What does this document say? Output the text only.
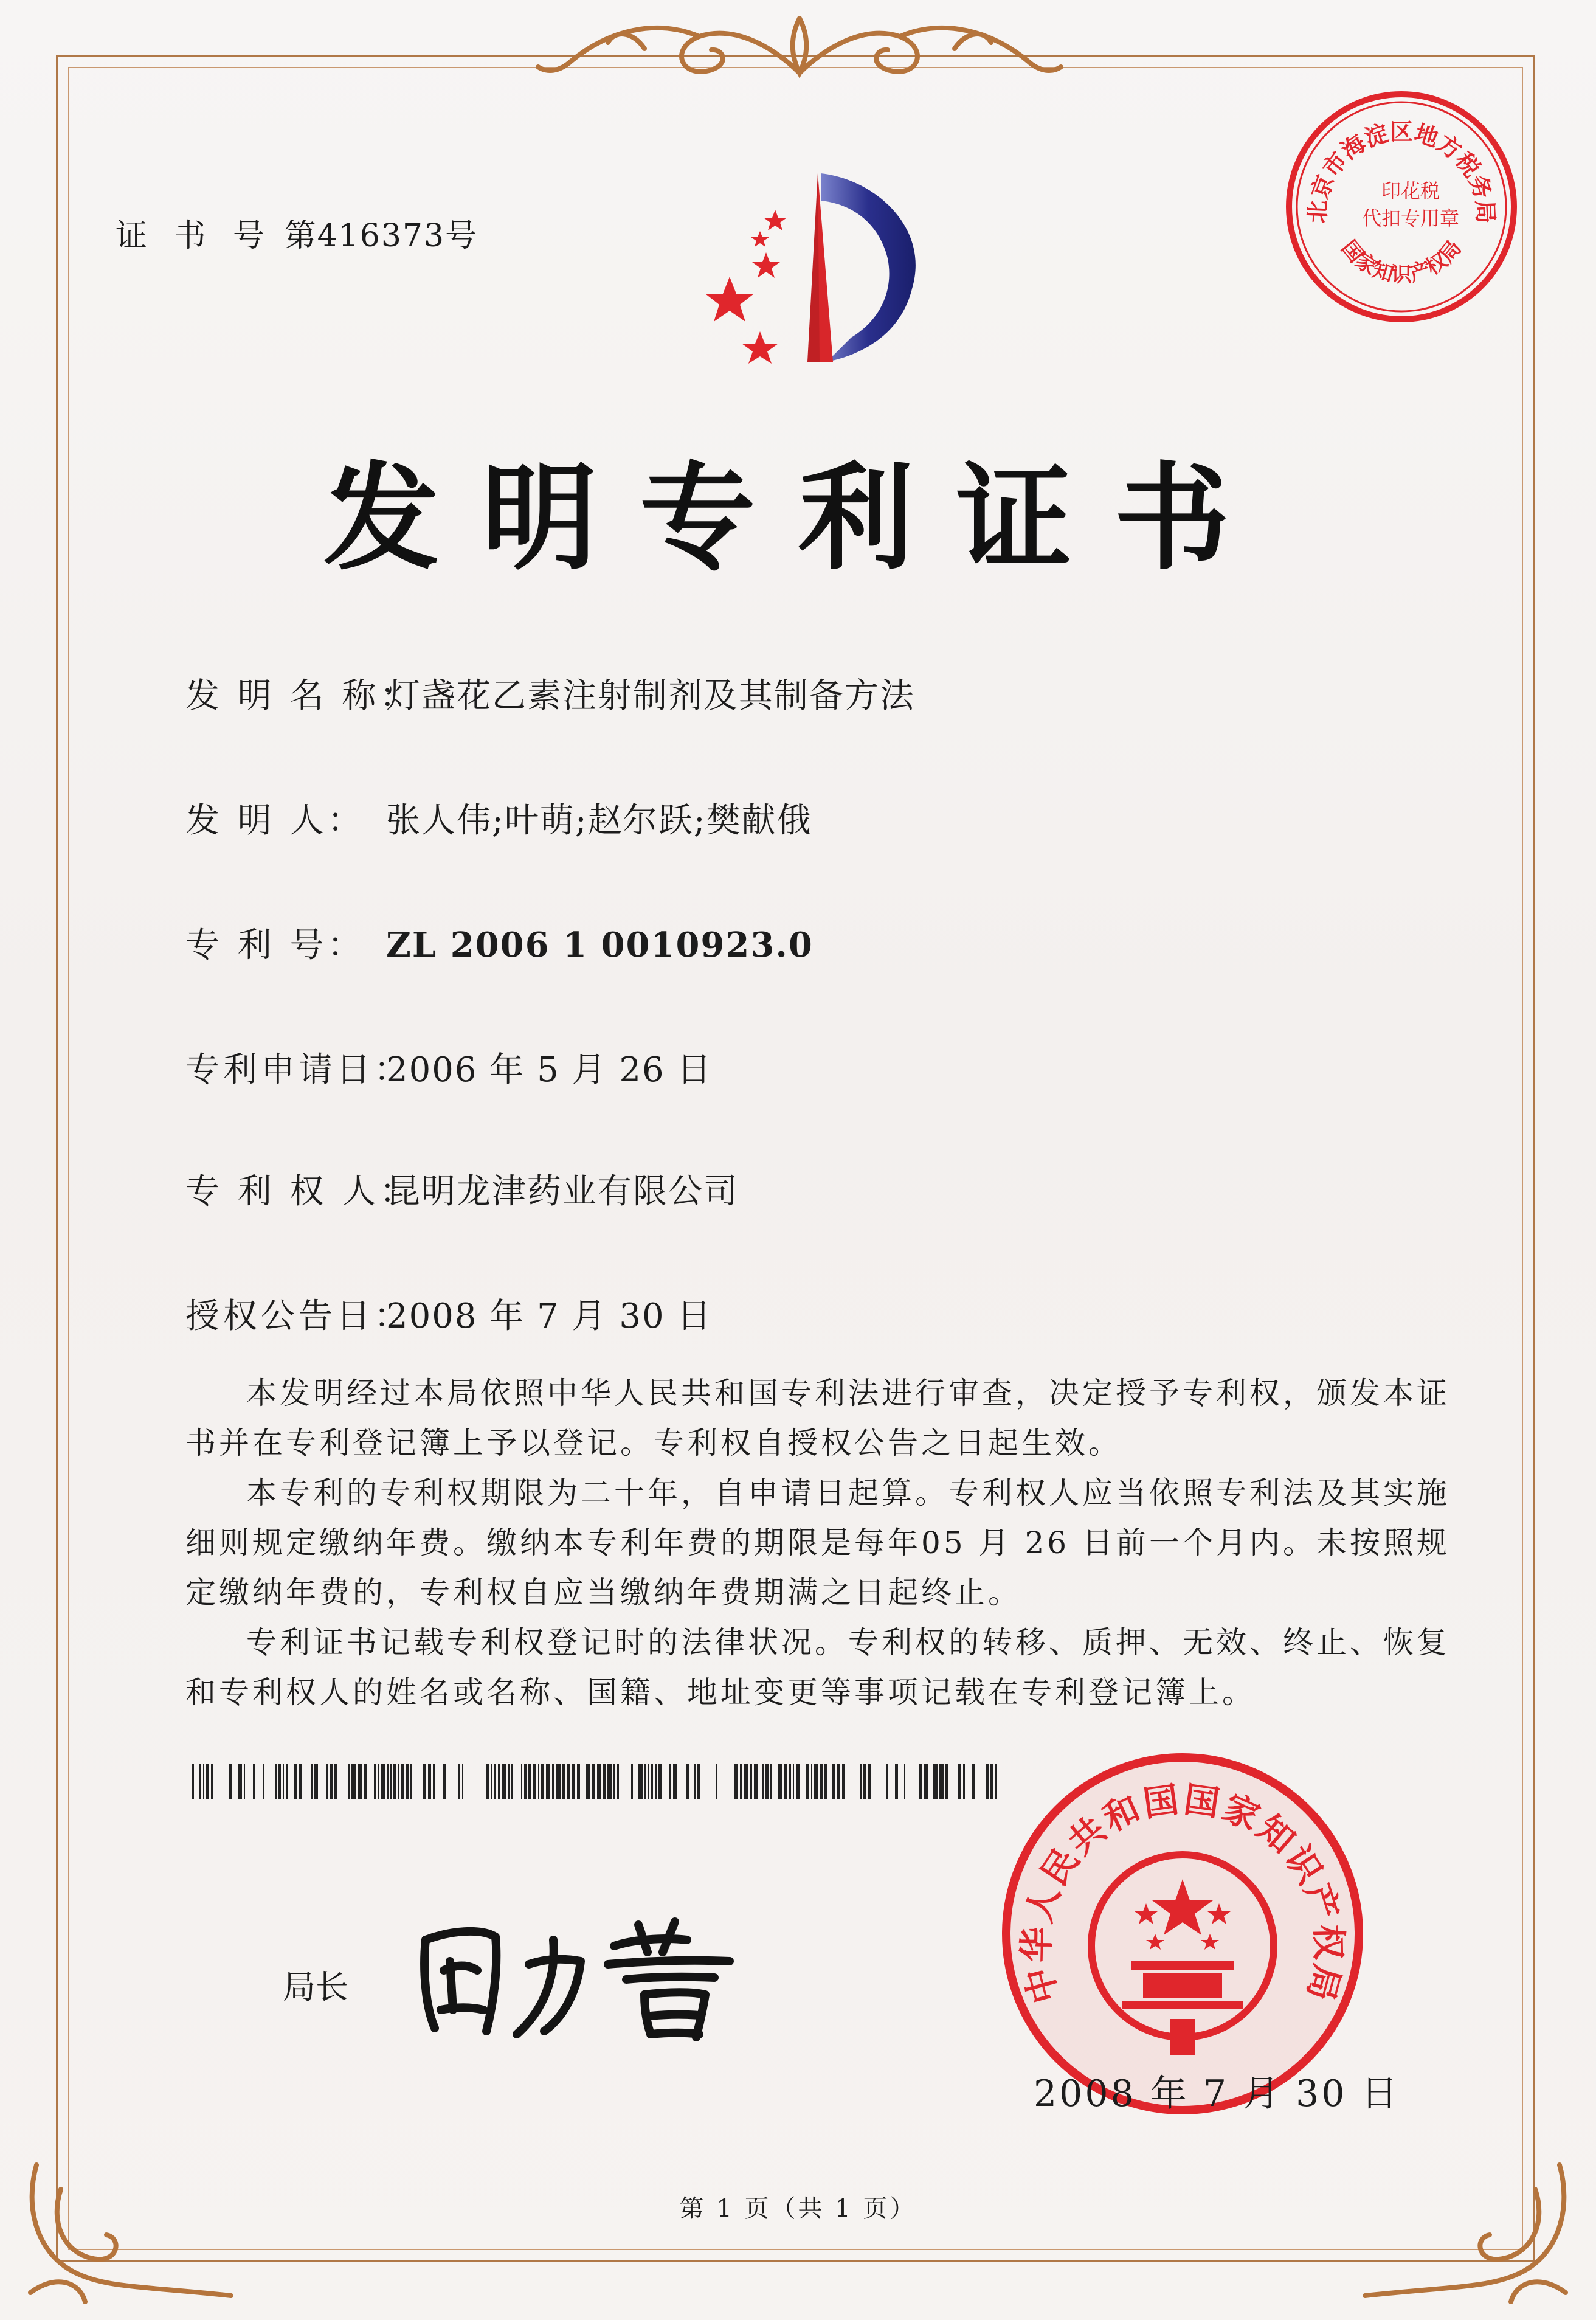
证 书 号 第416373号
北京市海淀区地方税务局
印花税
代扣专用章
国家知识产权局
发明专利证书
发 明 名 称：灯盏花乙素注射制剂及其制备方法
发 明 人： 张人伟;叶萌;赵尔跃;樊献俄
专 利 号： ZL 2006 1 0010923.0
专利申请日：2006 年 5 月 26 日
专 利 权 人：昆明龙津药业有限公司
授权公告日：2008 年 7 月 30 日

本发明经过本局依照中华人民共和国专利法进行审查，决定授予专利权，颁发本证书并在专利登记簿上予以登记。专利权自授权公告之日起生效。

本专利的专利权期限为二十年，自申请日起算。专利权人应当依照专利法及其实施细则规定缴纳年费。缴纳本专利年费的期限是每年05 月 26 日前一个月内。未按照规定缴纳年费的，专利权自应当缴纳年费期满之日起终止。

专利证书记载专利权登记时的法律状况。专利权的转移、质押、无效、终止、恢复和专利权人的姓名或名称、国籍、地址变更等事项记载在专利登记簿上。

局长	中华人民共和国国家知识产权局
2008 年 7 月 30 日
第 1 页（共 1 页）
